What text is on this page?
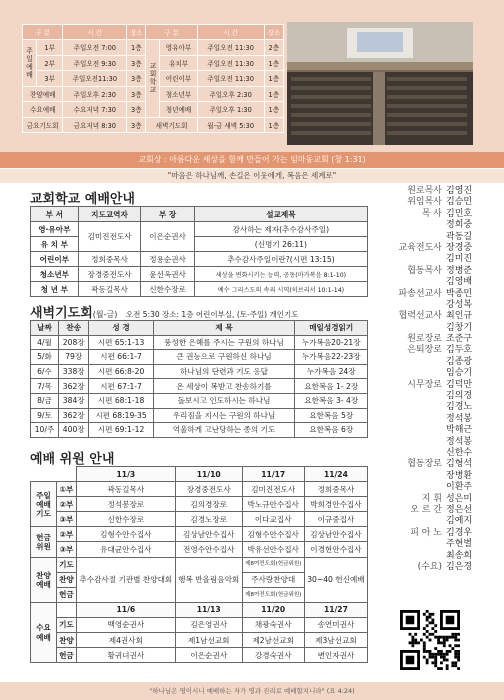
구 분		시 간	장소	구 분		시 간	장소
주일예배	1부	주일오전 7:00	1층	교회학교	영유아부	주일오전 11:30	2층
	2부	주일오전 9:30	3층		유치부	주일오전 11:30	1층
	3부	주일오전11:30	3층		어린이부	주일오전 11:30	1층
찬양예배		주일오후 2:30	3층		청소년부	주일오후 2:30	1층
수요예배		수요저녁 7:30	3층		청년예배	주일오후 1:30	1층
금요기도회		금요저녁 8:30	3층	새벽기도회		월-금 새벽 5:30	1층
교회상 : 아름다운 세상을 함께 만들어 가는 임마동교회 (창 1:31)
"마음은 하나님께, 손길은 이웃에게, 복음은 세계로"
교회학교 예배안내
부 서	지도교역자	부 장	설교제목
영·유아부	김미진전도사	이은순권사	감사하는 제자(추수감사주일)
유 치 부			(신명기 26:11)
어린이부	정희중목사	정용순권사	추수감사주일이란?(시편 13:15)
청소년부	장경중전도사	윤선옥권사	세상을 변화시키는 능력, 공동(마가복음 8:1-10)
청 년 부	곽동길목사	신한수장로	예수 그리스도의 속죄 시역(히브리서 10:1-14)
새벽기도회(월-금) 오전 5:30 장소: 1층 어린이부실, (토-주일) 개인기도
날짜	찬송	성 경	제 목	매일성경읽기
4/월	208장	시편 65:1-13	풍성한 은혜를 주시는 구원의 하나님	누가복음20-21장
5/화	79장	시편 66:1-7	큰 권능으로 구원하신 하나님	누가복음22-23장
6/수	338장	시편 66:8-20	하나님의 단련과 기도 응답	누가복음 24장
7/목	362장	시편 67:1-7	온 세상이 복받고 찬송하기를	요한복음 1- 2장
8/금	384장	시편 68:1-18	돌보시고 인도하시는 하나님	요한복음 3- 4장
9/토	362장	시편 68:19-35	우리짐을 지시는 구원의 하나님	요한복음 5장
10/주	400장	시편 69:1-12	억울하게 고난당하는 종의 기도	요한복음 6장
예배 위원 안내
		11/3	11/10	11/17	11/24
주일예배기도	①부	곽동길목사	장경중전도사	김미진전도사	정희중목사
	②부	정석봉장로	김의경장로	박노규안수집사	박희경안수집사
	③부	신한수장로	김경노장로	이다교집사	이규중집사
헌금위원	②부	김형수안수집사	김상남안수집사	김형수안수집사	김상남안수집사
	③부	유대균안수집사	전영수안수집사	박유선안수집사	이경현안수집사
찬양예배	기도	추수감사절 기관별 찬양대회	행복 반올림음악회	제8여전도회(헌금위원)	30~40 헌신예배
	찬양			주사랑찬양대	
	헌금			제8여전도회(헌금위원)	
수요예배		11/6	11/13	11/20	11/27
	기도	백영순권사	김은영권사	채광숙권사	송연미권사
	찬양	제4권사회	제1남선교회	제2남선교회	제3남선교회
	헌금	황귀녀권사	이은순권사	강경숙권사	변인자권사
원로목사 김영진
위임목사 김승민
목 사 김민호
정희중
곽동길
교육전도사 장경중
김미진
협동목사 정병준
김영배
파송선교사 박종민
강성복
협력선교사 최인규
김창기
원로장로 조준구
은퇴장로 김두호
김종광
임승기
시무장로 김덕만
김의경
김경노
정석봉
박해근
정석봉
신한수
협동장로 김형석
장병환
이환주
지 휘 성은미
오 르 간 정은선
김예지
피 아 노 김경우
주현별
최송희
(수요) 김은경
"하나님은 영이시니 예배하는 자가 영과 진리로 예배할지니라" (요 4:24)
